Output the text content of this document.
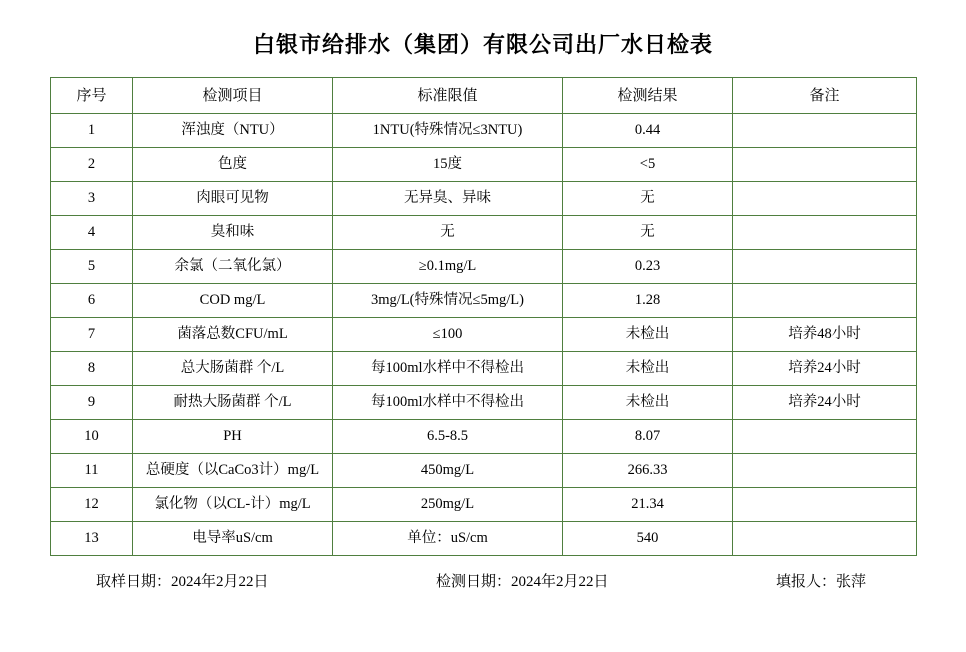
白银市给排水（集团）有限公司出厂水日检表
序号	检测项目	标准限值	检测结果	备注
1	浑浊度（NTU）	1NTU(特殊情况≤3NTU)	0.44	
2	色度	15度	<5	
3	肉眼可见物	无异臭、异味	无	
4	臭和味	无	无	
5	余氯（二氧化氯）	≥0.1mg/L	0.23	
6	COD mg/L	3mg/L(特殊情况≤5mg/L)	1.28	
7	菌落总数CFU/mL	≤100	未检出	培养48小时
8	总大肠菌群 个/L	每100ml水样中不得检出	未检出	培养24小时
9	耐热大肠菌群 个/L	每100ml水样中不得检出	未检出	培养24小时
10	PH	6.5-8.5	8.07	
11	总硬度（以CaCo3计）mg/L	450mg/L	266.33	
12	氯化物（以CL-计）mg/L	250mg/L	21.34	
13	电导率uS/cm	单位：uS/cm	540	
取样日期：2024年2月22日	检测日期：2024年2月22日	填报人：张萍
